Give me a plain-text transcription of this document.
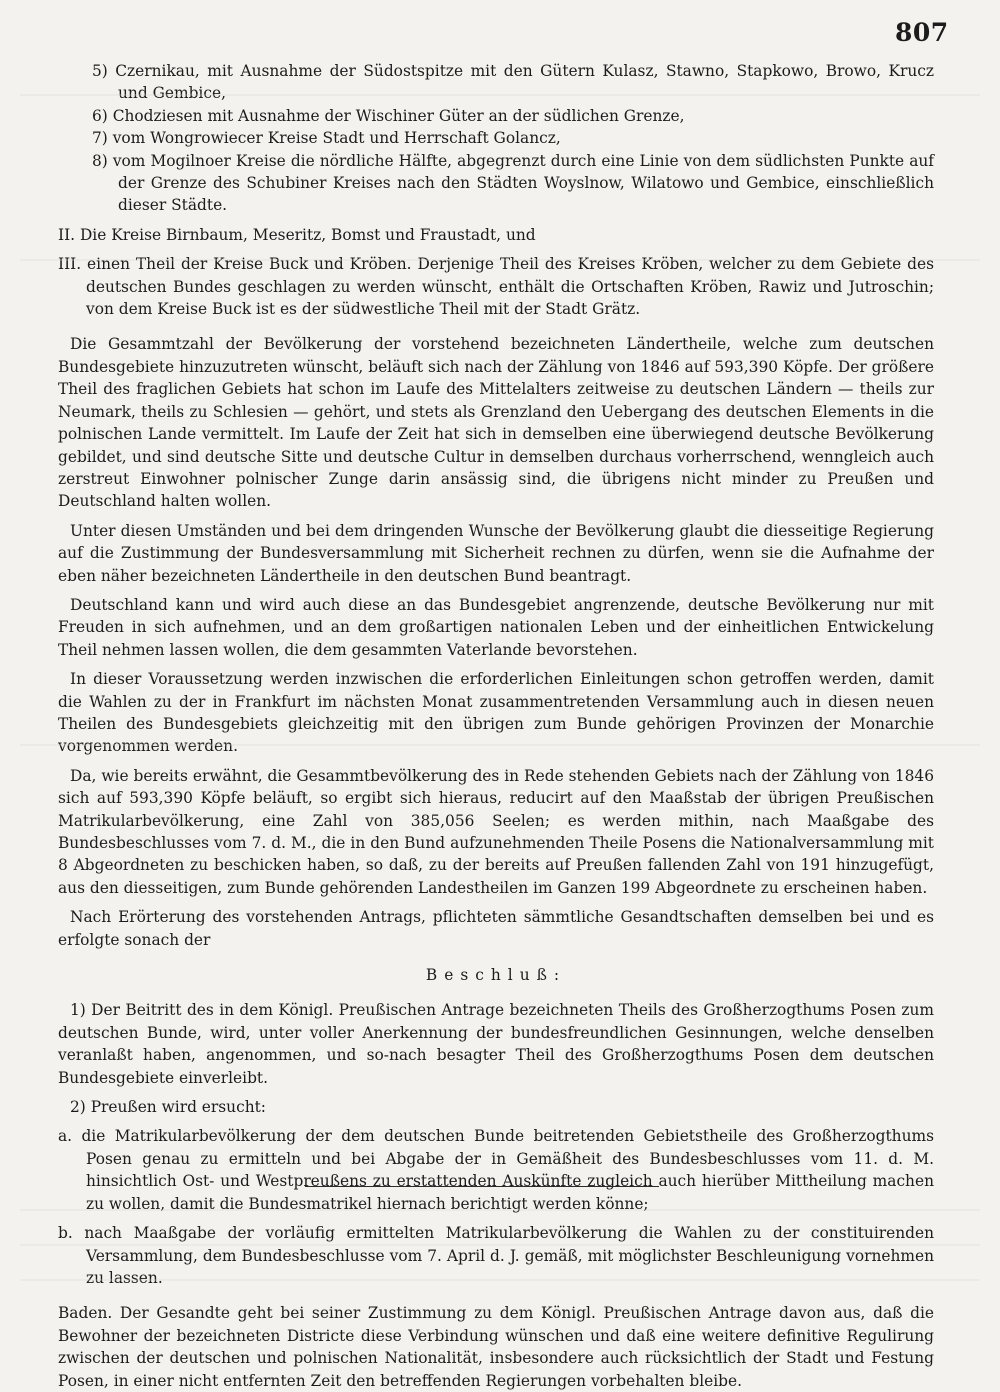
807

5) Czernikau, mit Ausnahme der Südostspitze mit den Gütern Kulasz, Stawno, Stapkowo, Browo, Krucz und Gembice,

6) Chodziesen mit Ausnahme der Wischiner Güter an der südlichen Grenze,

7) vom Wongrowiecer Kreise Stadt und Herrschaft Golancz,

8) vom Mogilnoer Kreise die nördliche Hälfte, abgegrenzt durch eine Linie von dem südlichsten Punkte auf der Grenze des Schubiner Kreises nach den Städten Woyslnow, Wilatowo und Gembice, einschließlich dieser Städte.

II. Die Kreise Birnbaum, Meseritz, Bomst und Fraustadt, und

III. einen Theil der Kreise Buck und Kröben. Derjenige Theil des Kreises Kröben, welcher zu dem Gebiete des deutschen Bundes geschlagen zu werden wünscht, enthält die Ortschaften Kröben, Rawiz und Jutroschin; von dem Kreise Buck ist es der südwestliche Theil mit der Stadt Grätz.

Die Gesammtzahl der Bevölkerung der vorstehend bezeichneten Ländertheile, welche zum deutschen Bundesgebiete hinzuzutreten wünscht, beläuft sich nach der Zählung von 1846 auf 593,390 Köpfe. Der größere Theil des fraglichen Gebiets hat schon im Laufe des Mittelalters zeitweise zu deutschen Ländern — theils zur Neumark, theils zu Schlesien — gehört, und stets als Grenzland den Uebergang des deutschen Elements in die polnischen Lande vermittelt. Im Laufe der Zeit hat sich in demselben eine überwiegend deutsche Bevölkerung gebildet, und sind deutsche Sitte und deutsche Cultur in demselben durchaus vorherrschend, wenngleich auch zerstreut Einwohner polnischer Zunge darin ansässig sind, die übrigens nicht minder zu Preußen und Deutschland halten wollen.

Unter diesen Umständen und bei dem dringenden Wunsche der Bevölkerung glaubt die diesseitige Regierung auf die Zustimmung der Bundesversammlung mit Sicherheit rechnen zu dürfen, wenn sie die Aufnahme der eben näher bezeichneten Ländertheile in den deutschen Bund beantragt.

Deutschland kann und wird auch diese an das Bundesgebiet angrenzende, deutsche Bevölkerung nur mit Freuden in sich aufnehmen, und an dem großartigen nationalen Leben und der einheitlichen Entwickelung Theil nehmen lassen wollen, die dem gesammten Vaterlande bevorstehen.

In dieser Voraussetzung werden inzwischen die erforderlichen Einleitungen schon getroffen werden, damit die Wahlen zu der in Frankfurt im nächsten Monat zusammentretenden Versammlung auch in diesen neuen Theilen des Bundesgebiets gleichzeitig mit den übrigen zum Bunde gehörigen Provinzen der Monarchie vorgenommen werden.

Da, wie bereits erwähnt, die Gesammtbevölkerung des in Rede stehenden Gebiets nach der Zählung von 1846 sich auf 593,390 Köpfe beläuft, so ergibt sich hieraus, reducirt auf den Maaßstab der übrigen Preußischen Matrikularbevölkerung, eine Zahl von 385,056 Seelen; es werden mithin, nach Maaßgabe des Bundesbeschlusses vom 7. d. M., die in den Bund aufzunehmenden Theile Posens die Nationalversammlung mit 8 Abgeordneten zu beschicken haben, so daß, zu der bereits auf Preußen fallenden Zahl von 191 hinzugefügt, aus den diesseitigen, zum Bunde gehörenden Landestheilen im Ganzen 199 Abgeordnete zu erscheinen haben.

Nach Erörterung des vorstehenden Antrags, pflichteten sämmtliche Gesandtschaften demselben bei und es erfolgte sonach der

Beschluß:

1) Der Beitritt des in dem Königl. Preußischen Antrage bezeichneten Theils des Großherzogthums Posen zum deutschen Bunde, wird, unter voller Anerkennung der bundesfreundlichen Gesinnungen, welche denselben veranlaßt haben, angenommen, und so-nach besagter Theil des Großherzogthums Posen dem deutschen Bundesgebiete einverleibt.

2) Preußen wird ersucht:

a. die Matrikularbevölkerung der dem deutschen Bunde beitretenden Gebietstheile des Großherzogthums Posen genau zu ermitteln und bei Abgabe der in Gemäßheit des Bundesbeschlusses vom 11. d. M. hinsichtlich Ost- und Westpreußens zu erstattenden Auskünfte zugleich auch hierüber Mittheilung machen zu wollen, damit die Bundesmatrikel hiernach berichtigt werden könne;

b. nach Maaßgabe der vorläufig ermittelten Matrikularbevölkerung die Wahlen zu der constituirenden Versammlung, dem Bundesbeschlusse vom 7. April d. J. gemäß, mit möglichster Beschleunigung vornehmen zu lassen.

Baden. Der Gesandte geht bei seiner Zustimmung zu dem Königl. Preußischen Antrage davon aus, daß die Bewohner der bezeichneten Districte diese Verbindung wünschen und daß eine weitere definitive Regulirung zwischen der deutschen und polnischen Nationalität, insbesondere auch rücksichtlich der Stadt und Festung Posen, in einer nicht entfernten Zeit den betreffenden Regierungen vorbehalten bleibe.
